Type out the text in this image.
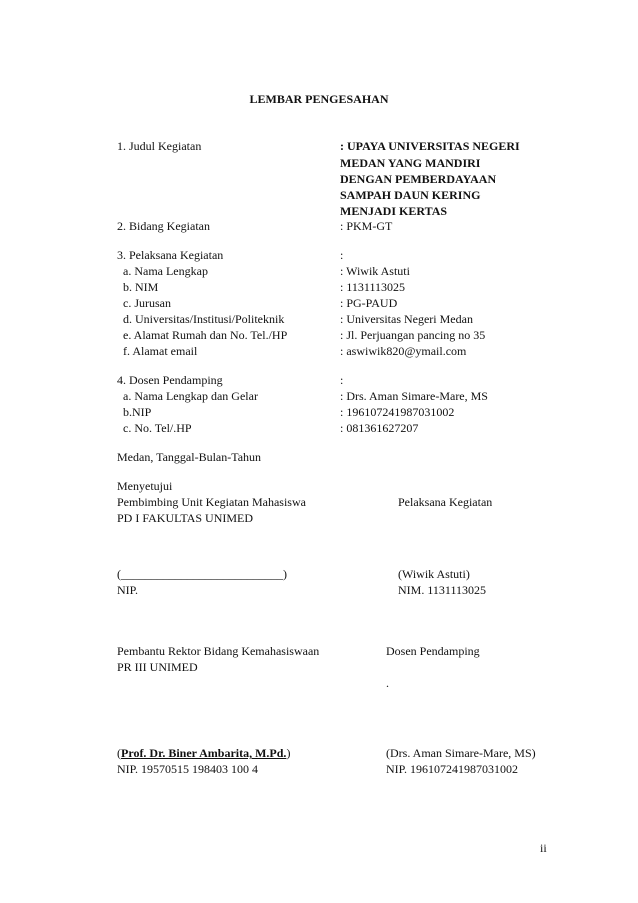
LEMBAR PENGESAHAN
1. Judul Kegiatan	: UPAYA UNIVERSITAS NEGERI
MEDAN YANG MANDIRI
DENGAN PEMBERDAYAAN
SAMPAH DAUN KERING
MENJADI KERTAS
2. Bidang Kegiatan	: PKM-GT
3. Pelaksana Kegiatan	:
a. Nama Lengkap	: Wiwik Astuti
b. NIM	: 1131113025
c. Jurusan	: PG-PAUD
d. Universitas/Institusi/Politeknik	: Universitas Negeri Medan
e. Alamat Rumah dan No. Tel./HP	: Jl. Perjuangan pancing no 35
f. Alamat email	: aswiwik820@ymail.com
4. Dosen Pendamping	:
a. Nama Lengkap dan Gelar	: Drs. Aman Simare-Mare, MS
b.NIP	: 196107241987031002
c. No. Tel/.HP	: 081361627207
Medan, Tanggal-Bulan-Tahun
Menyetujui
Pembimbing Unit Kegiatan Mahasiswa	Pelaksana Kegiatan
PD I FAKULTAS UNIMED
(___________________________)	(Wiwik Astuti)
NIP.	NIM. 1131113025
Pembantu Rektor Bidang Kemahasiswaan	Dosen Pendamping
PR III UNIMED
.
(Prof. Dr. Biner Ambarita, M.Pd.)	(Drs. Aman Simare-Mare, MS)
NIP. 19570515 198403 100 4	NIP. 196107241987031002
ii
